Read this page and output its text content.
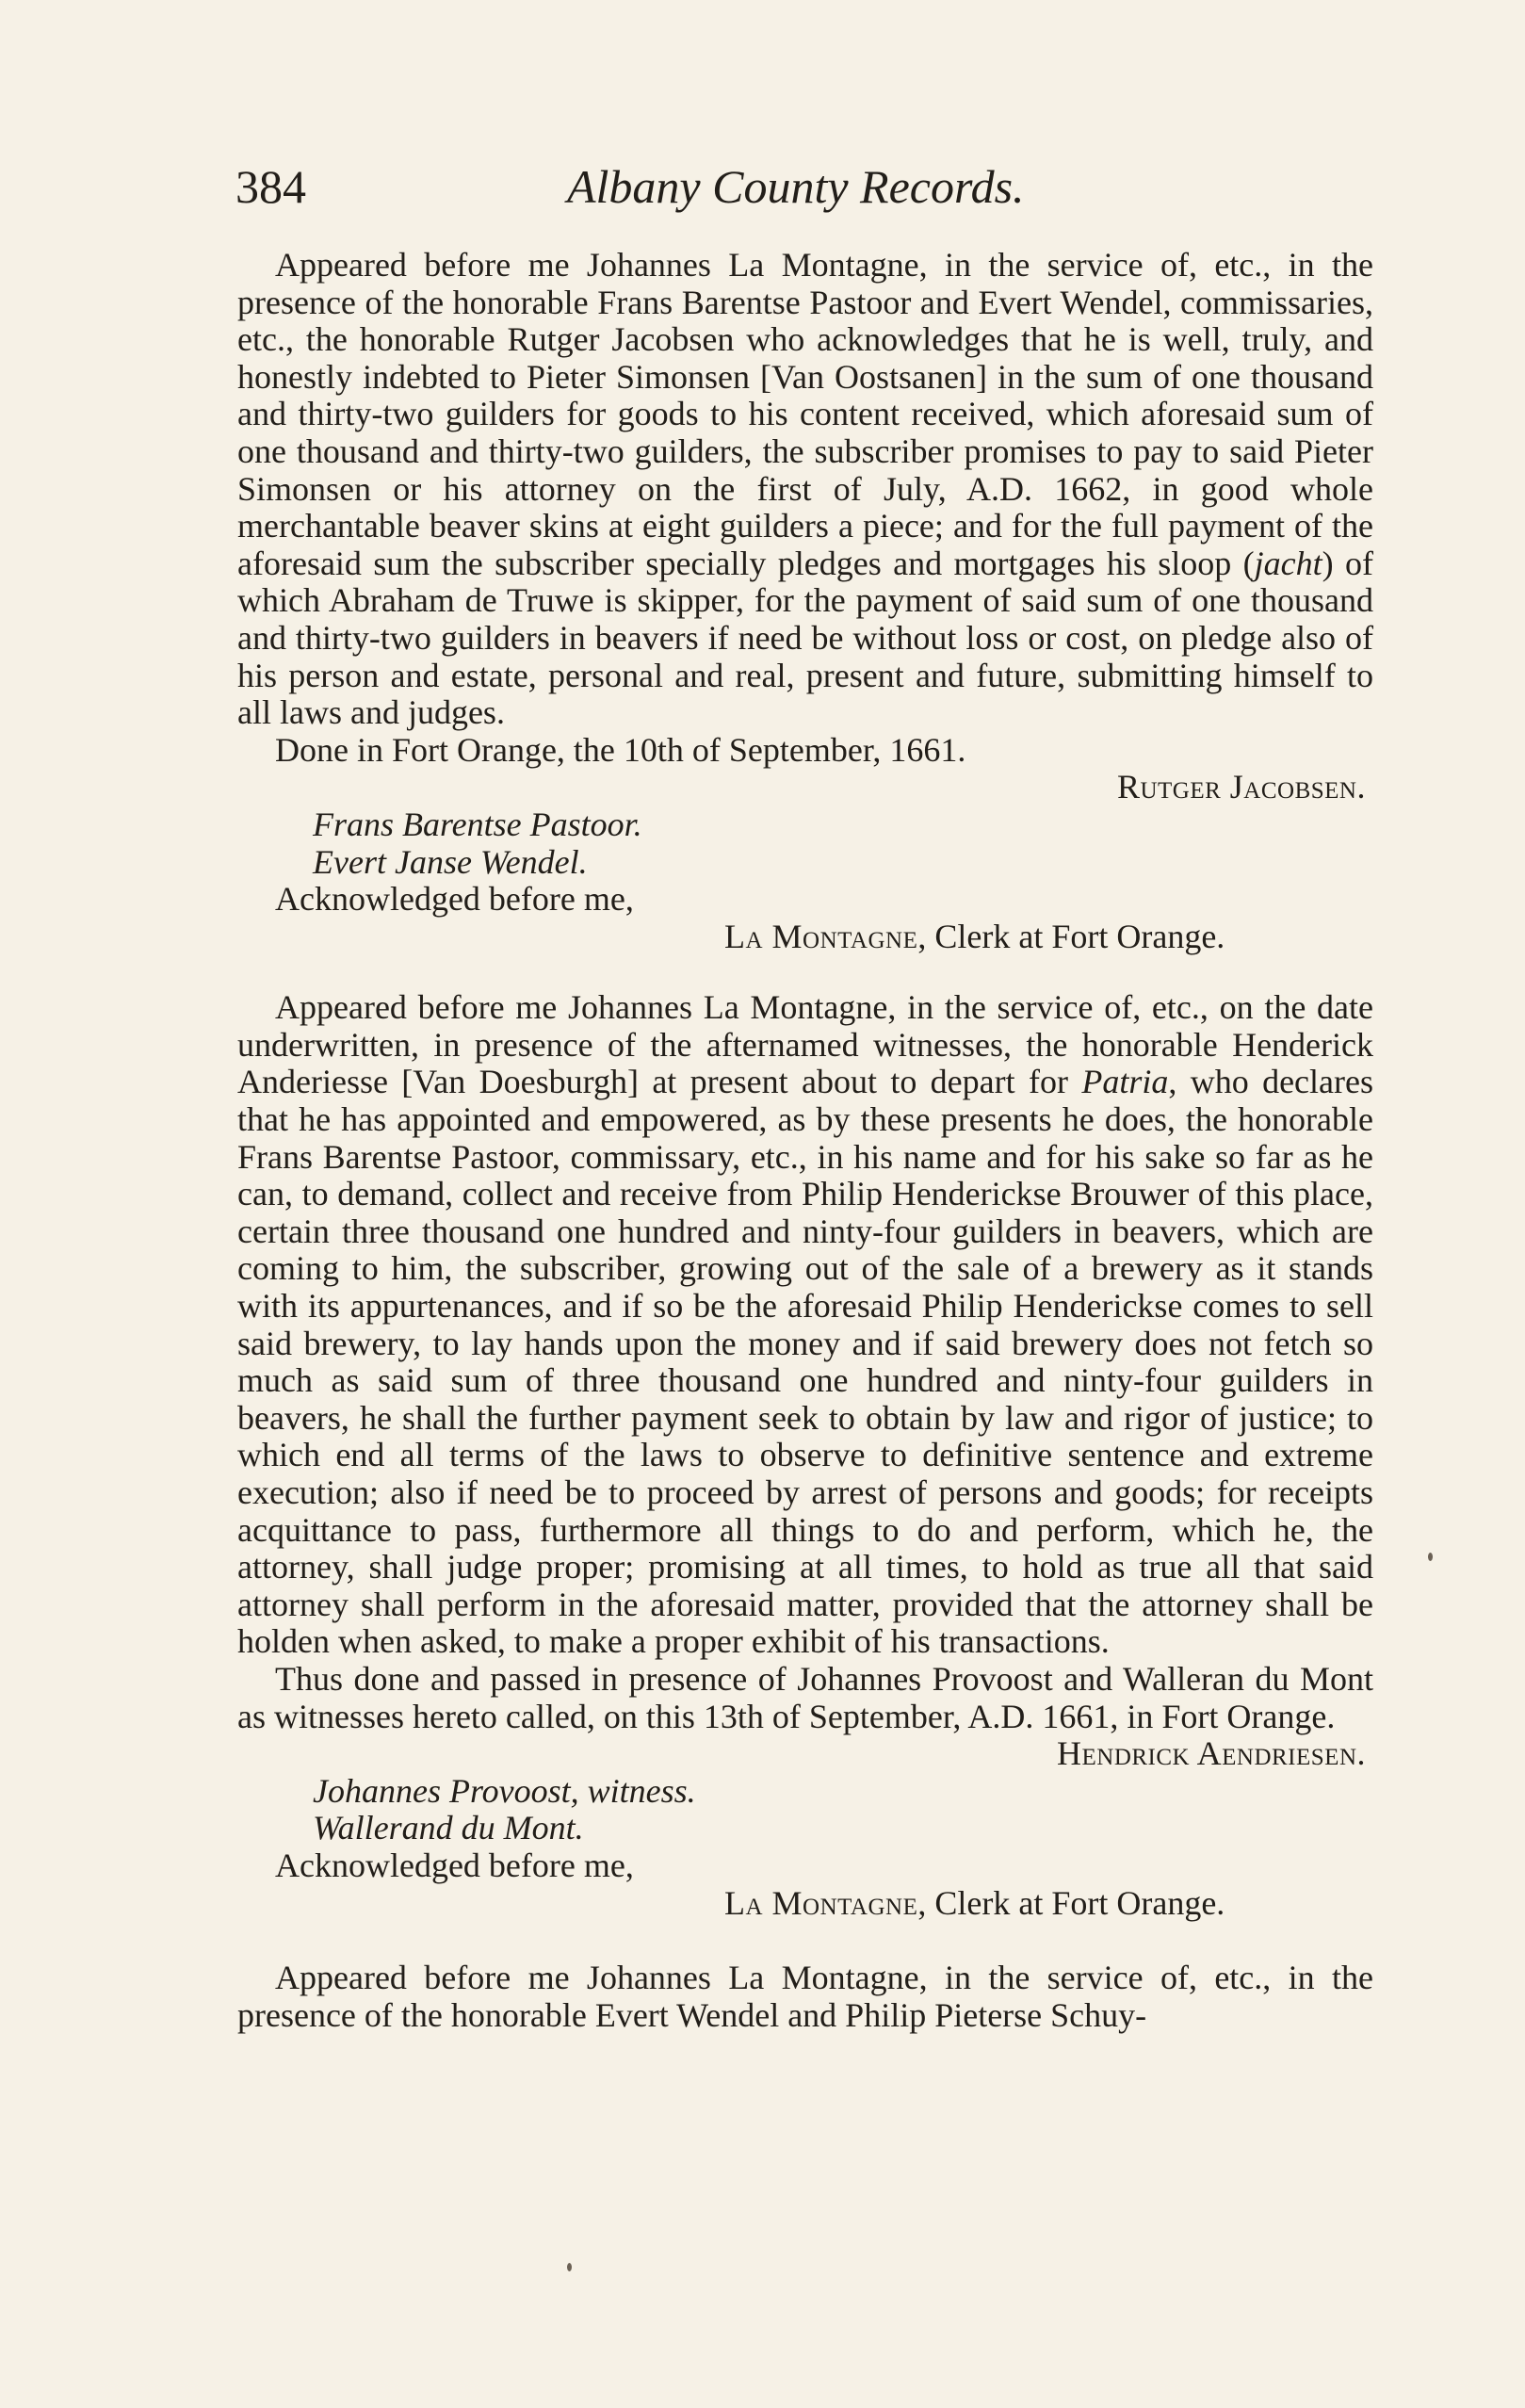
384	Albany County Records.

Appeared before me Johannes La Montagne, in the service of, etc., in the presence of the honorable Frans Barentse Pastoor and Evert Wendel, commissaries, etc., the honorable Rutger Jacobsen who acknowledges that he is well, truly, and honestly indebted to Pieter Simonsen [Van Oostsanen] in the sum of one thousand and thirty-two guilders for goods to his content received, which aforesaid sum of one thousand and thirty-two guilders, the subscriber promises to pay to said Pieter Simonsen or his attorney on the first of July, A.D. 1662, in good whole merchantable beaver skins at eight guilders a piece; and for the full payment of the aforesaid sum the subscriber specially pledges and mortgages his sloop (jacht) of which Abraham de Truwe is skipper, for the payment of said sum of one thousand and thirty-two guilders in beavers if need be without loss or cost, on pledge also of his person and estate, personal and real, present and future, submitting himself to all laws and judges.

Done in Fort Orange, the 10th of September, 1661.

Rutger Jacobsen.

Frans Barentse Pastoor.

Evert Janse Wendel.

Acknowledged before me,

La Montagne, Clerk at Fort Orange.

Appeared before me Johannes La Montagne, in the service of, etc., on the date underwritten, in presence of the afternamed witnesses, the honorable Henderick Anderiesse [Van Doesburgh] at present about to depart for Patria, who declares that he has appointed and empowered, as by these presents he does, the honorable Frans Barentse Pastoor, commissary, etc., in his name and for his sake so far as he can, to demand, collect and receive from Philip Henderickse Brouwer of this place, certain three thousand one hundred and ninty-four guilders in beavers, which are coming to him, the subscriber, growing out of the sale of a brewery as it stands with its appurtenances, and if so be the aforesaid Philip Henderickse comes to sell said brewery, to lay hands upon the money and if said brewery does not fetch so much as said sum of three thousand one hundred and ninty-four guilders in beavers, he shall the further payment seek to obtain by law and rigor of justice; to which end all terms of the laws to observe to definitive sentence and extreme execution; also if need be to proceed by arrest of persons and goods; for receipts acquittance to pass, furthermore all things to do and perform, which he, the attorney, shall judge proper; promising at all times, to hold as true all that said attorney shall perform in the aforesaid matter, provided that the attorney shall be holden when asked, to make a proper exhibit of his transactions.

Thus done and passed in presence of Johannes Provoost and Walleran du Mont as witnesses hereto called, on this 13th of September, A.D. 1661, in Fort Orange.

Hendrick Aendriesen.

Johannes Provoost, witness.

Wallerand du Mont.

Acknowledged before me,

La Montagne, Clerk at Fort Orange.

Appeared before me Johannes La Montagne, in the service of, etc., in the presence of the honorable Evert Wendel and Philip Pieterse Schuy-
